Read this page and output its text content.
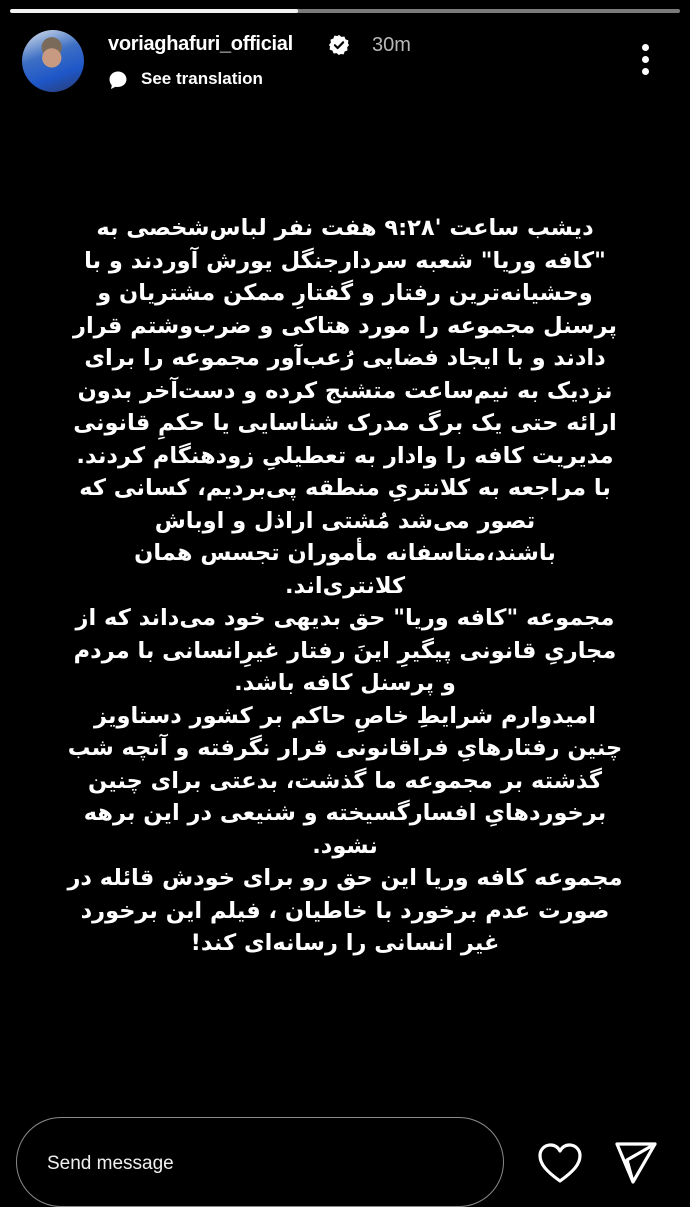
voriaghafuri_official	30m
See translation
دیشب ساعت '۹:۲۸ هفت نفر لباس‌شخصی به
"کافه وریا" شعبه سردارجنگل یورش آوردند و با
وحشیانه‌ترین رفتار و گفتارِ ممکن مشتریان و
پرسنل مجموعه را مورد هتاکی و ضرب‌وشتم قرار
دادند و با ایجاد فضایی رُعب‌آور مجموعه را برای
نزدیک به نیم‌ساعت متشنج کرده و دست‌آخر بدون
ارائه حتی یک برگ مدرک شناسایی یا حکمِ قانونی
مدیریت کافه را وادار به تعطیلیِ زودهنگام کردند.
با مراجعه به کلانتریِ منطقه پی‌بردیم، کسانی که
تصور می‌شد مُشتی اراذل و اوباش
باشند،متاسفانه مأموران تجسس همان
کلانتری‌اند.
مجموعه "کافه وریا" حق بدیهی خود می‌داند که از
مجاریِ قانونی پیگیرِ اینَ رفتار غیرِانسانی با مردم
و پرسنل کافه باشد.
امیدوارم شرایطِ خاصِ حاکم بر کشور دستاویز
چنین رفتارهایِ فراقانونی قرار نگرفته و آنچه شب
گذشته بر مجموعه ما گذشت، بدعتی برای چنین
برخوردهایِ افسارگسیخته و شنیعی در این برهه
نشود.
مجموعه کافه وریا این حق رو برای خودش قائله در
صورت عدم برخورد با خاطیان ، فیلم این برخورد
غیر انسانی را رسانه‌ای کند!
Send message
